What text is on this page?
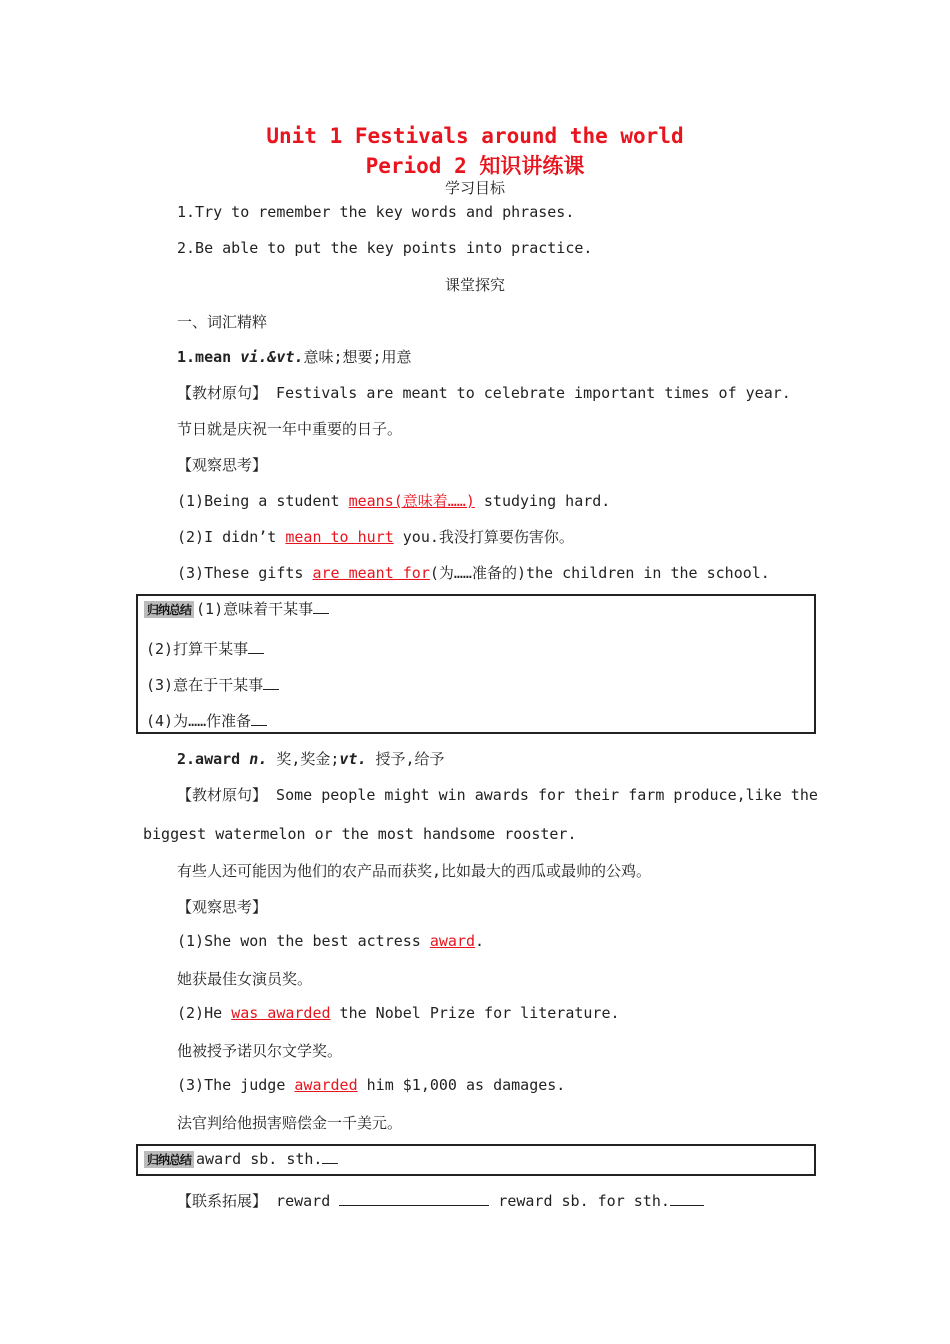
Unit 1 Festivals around the world
Period 2 知识讲练课
学习目标
1.Try to remember the key words and phrases.
2.Be able to put the key points into practice.
课堂探究
一、词汇精粹
1.mean vi.&vt.意味;想要;用意
【教材原句】 Festivals are meant to celebrate important times of year.
节日就是庆祝一年中重要的日子。
【观察思考】
(1)Being a student means(意味着……) studying hard.
(2)I didn’t mean to hurt you.我没打算要伤害你。
(3)These gifts are meant for(为……准备的)the children in the school.
归纳总结 (1)意味着干某事
(2)打算干某事
(3)意在于干某事
(4)为……作准备
2.award n. 奖,奖金;vt. 授予,给予
【教材原句】 Some people might win awards for their farm produce,like the
biggest watermelon or the most handsome rooster.
有些人还可能因为他们的农产品而获奖,比如最大的西瓜或最帅的公鸡。
【观察思考】
(1)She won the best actress award.
她获最佳女演员奖。
(2)He was awarded the Nobel Prize for literature.
他被授予诺贝尔文学奖。
(3)The judge awarded him $1,000 as damages.
法官判给他损害赔偿金一千美元。
归纳总结 award sb. sth.
【联系拓展】 reward	reward sb. for sth.
